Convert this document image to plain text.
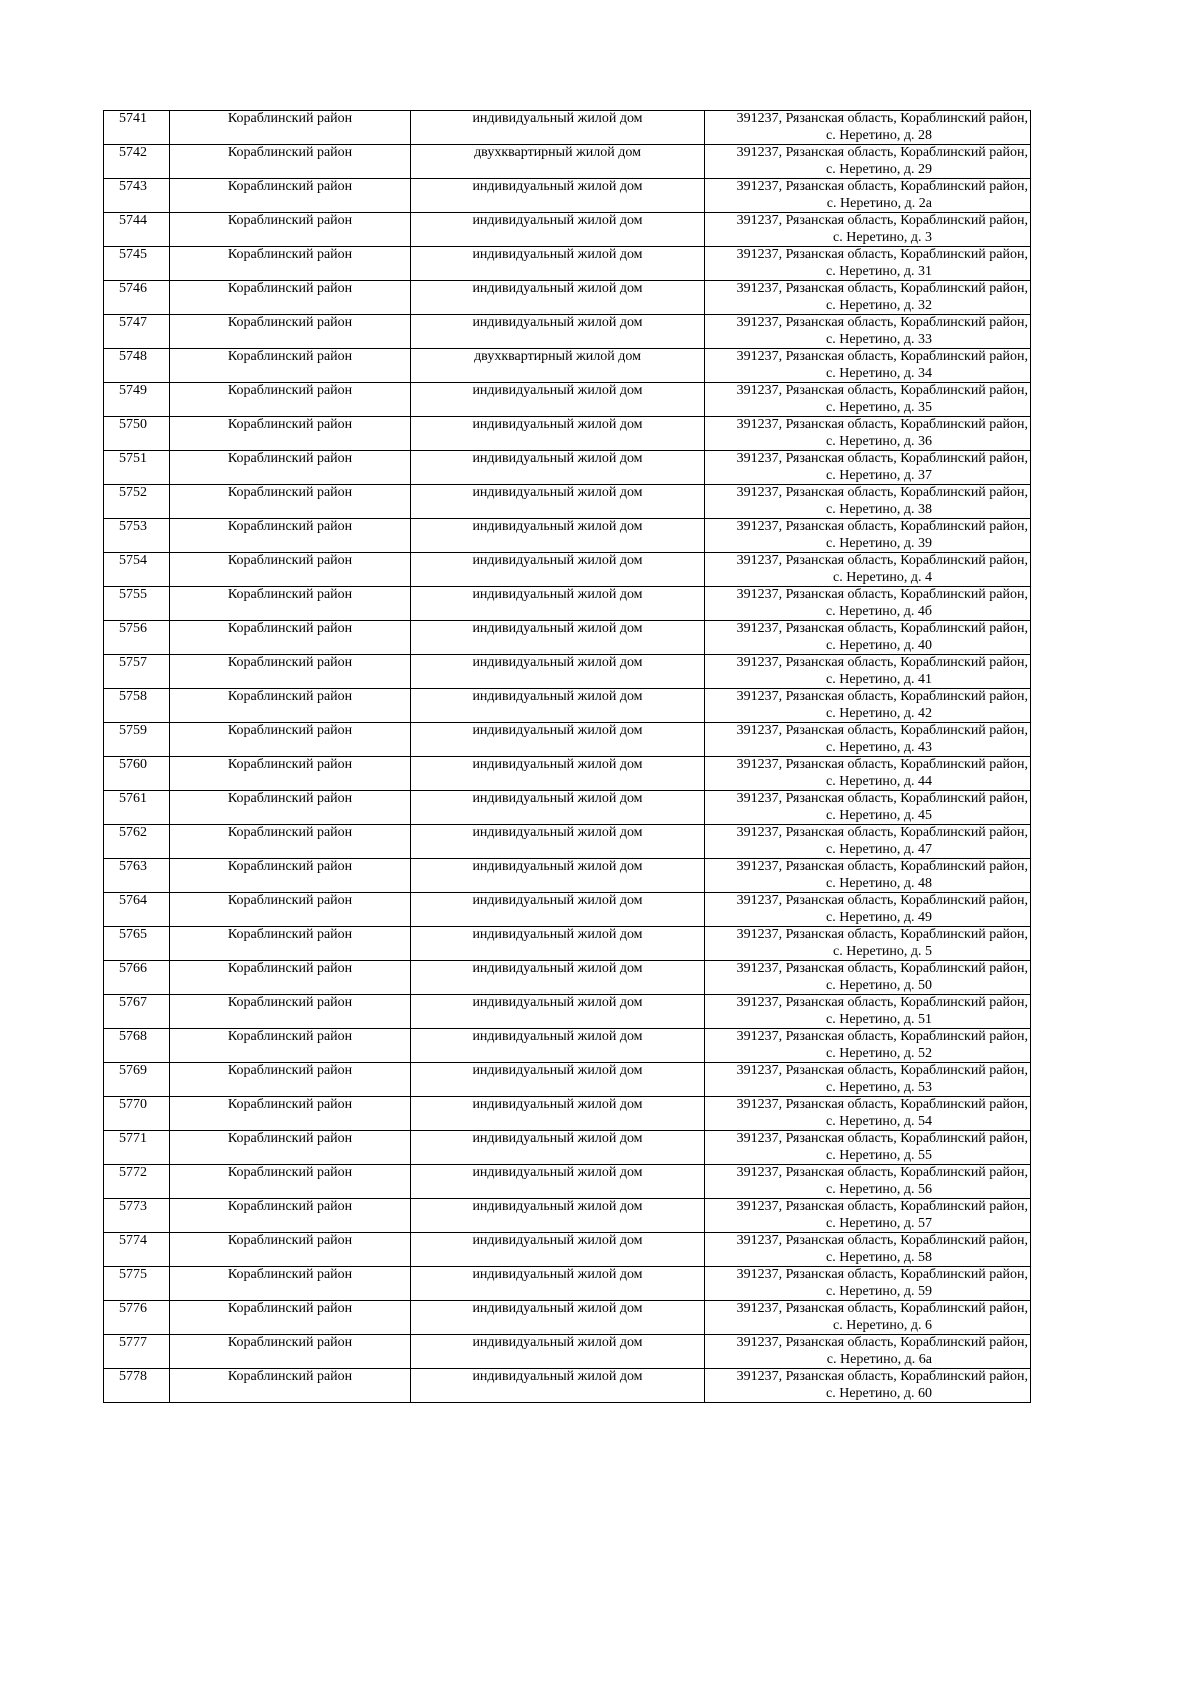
5741	Кораблинский район	индивидуальный жилой дом	391237, Рязанская область, Кораблинский район,
с. Неретино, д. 28

5742	Кораблинский район	двухквартирный жилой дом	391237, Рязанская область, Кораблинский район,
с. Неретино, д. 29

5743	Кораблинский район	индивидуальный жилой дом	391237, Рязанская область, Кораблинский район,
с. Неретино, д. 2а

5744	Кораблинский район	индивидуальный жилой дом	391237, Рязанская область, Кораблинский район,
с. Неретино, д. 3

5745	Кораблинский район	индивидуальный жилой дом	391237, Рязанская область, Кораблинский район,
с. Неретино, д. 31

5746	Кораблинский район	индивидуальный жилой дом	391237, Рязанская область, Кораблинский район,
с. Неретино, д. 32

5747	Кораблинский район	индивидуальный жилой дом	391237, Рязанская область, Кораблинский район,
с. Неретино, д. 33

5748	Кораблинский район	двухквартирный жилой дом	391237, Рязанская область, Кораблинский район,
с. Неретино, д. 34

5749	Кораблинский район	индивидуальный жилой дом	391237, Рязанская область, Кораблинский район,
с. Неретино, д. 35

5750	Кораблинский район	индивидуальный жилой дом	391237, Рязанская область, Кораблинский район,
с. Неретино, д. 36

5751	Кораблинский район	индивидуальный жилой дом	391237, Рязанская область, Кораблинский район,
с. Неретино, д. 37

5752	Кораблинский район	индивидуальный жилой дом	391237, Рязанская область, Кораблинский район,
с. Неретино, д. 38

5753	Кораблинский район	индивидуальный жилой дом	391237, Рязанская область, Кораблинский район,
с. Неретино, д. 39

5754	Кораблинский район	индивидуальный жилой дом	391237, Рязанская область, Кораблинский район,
с. Неретино, д. 4

5755	Кораблинский район	индивидуальный жилой дом	391237, Рязанская область, Кораблинский район,
с. Неретино, д. 4б

5756	Кораблинский район	индивидуальный жилой дом	391237, Рязанская область, Кораблинский район,
с. Неретино, д. 40

5757	Кораблинский район	индивидуальный жилой дом	391237, Рязанская область, Кораблинский район,
с. Неретино, д. 41

5758	Кораблинский район	индивидуальный жилой дом	391237, Рязанская область, Кораблинский район,
с. Неретино, д. 42

5759	Кораблинский район	индивидуальный жилой дом	391237, Рязанская область, Кораблинский район,
с. Неретино, д. 43

5760	Кораблинский район	индивидуальный жилой дом	391237, Рязанская область, Кораблинский район,
с. Неретино, д. 44

5761	Кораблинский район	индивидуальный жилой дом	391237, Рязанская область, Кораблинский район,
с. Неретино, д. 45

5762	Кораблинский район	индивидуальный жилой дом	391237, Рязанская область, Кораблинский район,
с. Неретино, д. 47

5763	Кораблинский район	индивидуальный жилой дом	391237, Рязанская область, Кораблинский район,
с. Неретино, д. 48

5764	Кораблинский район	индивидуальный жилой дом	391237, Рязанская область, Кораблинский район,
с. Неретино, д. 49

5765	Кораблинский район	индивидуальный жилой дом	391237, Рязанская область, Кораблинский район,
с. Неретино, д. 5

5766	Кораблинский район	индивидуальный жилой дом	391237, Рязанская область, Кораблинский район,
с. Неретино, д. 50

5767	Кораблинский район	индивидуальный жилой дом	391237, Рязанская область, Кораблинский район,
с. Неретино, д. 51

5768	Кораблинский район	индивидуальный жилой дом	391237, Рязанская область, Кораблинский район,
с. Неретино, д. 52

5769	Кораблинский район	индивидуальный жилой дом	391237, Рязанская область, Кораблинский район,
с. Неретино, д. 53

5770	Кораблинский район	индивидуальный жилой дом	391237, Рязанская область, Кораблинский район,
с. Неретино, д. 54

5771	Кораблинский район	индивидуальный жилой дом	391237, Рязанская область, Кораблинский район,
с. Неретино, д. 55

5772	Кораблинский район	индивидуальный жилой дом	391237, Рязанская область, Кораблинский район,
с. Неретино, д. 56

5773	Кораблинский район	индивидуальный жилой дом	391237, Рязанская область, Кораблинский район,
с. Неретино, д. 57

5774	Кораблинский район	индивидуальный жилой дом	391237, Рязанская область, Кораблинский район,
с. Неретино, д. 58

5775	Кораблинский район	индивидуальный жилой дом	391237, Рязанская область, Кораблинский район,
с. Неретино, д. 59

5776	Кораблинский район	индивидуальный жилой дом	391237, Рязанская область, Кораблинский район,
с. Неретино, д. 6

5777	Кораблинский район	индивидуальный жилой дом	391237, Рязанская область, Кораблинский район,
с. Неретино, д. 6а

5778	Кораблинский район	индивидуальный жилой дом	391237, Рязанская область, Кораблинский район,
с. Неретино, д. 60
